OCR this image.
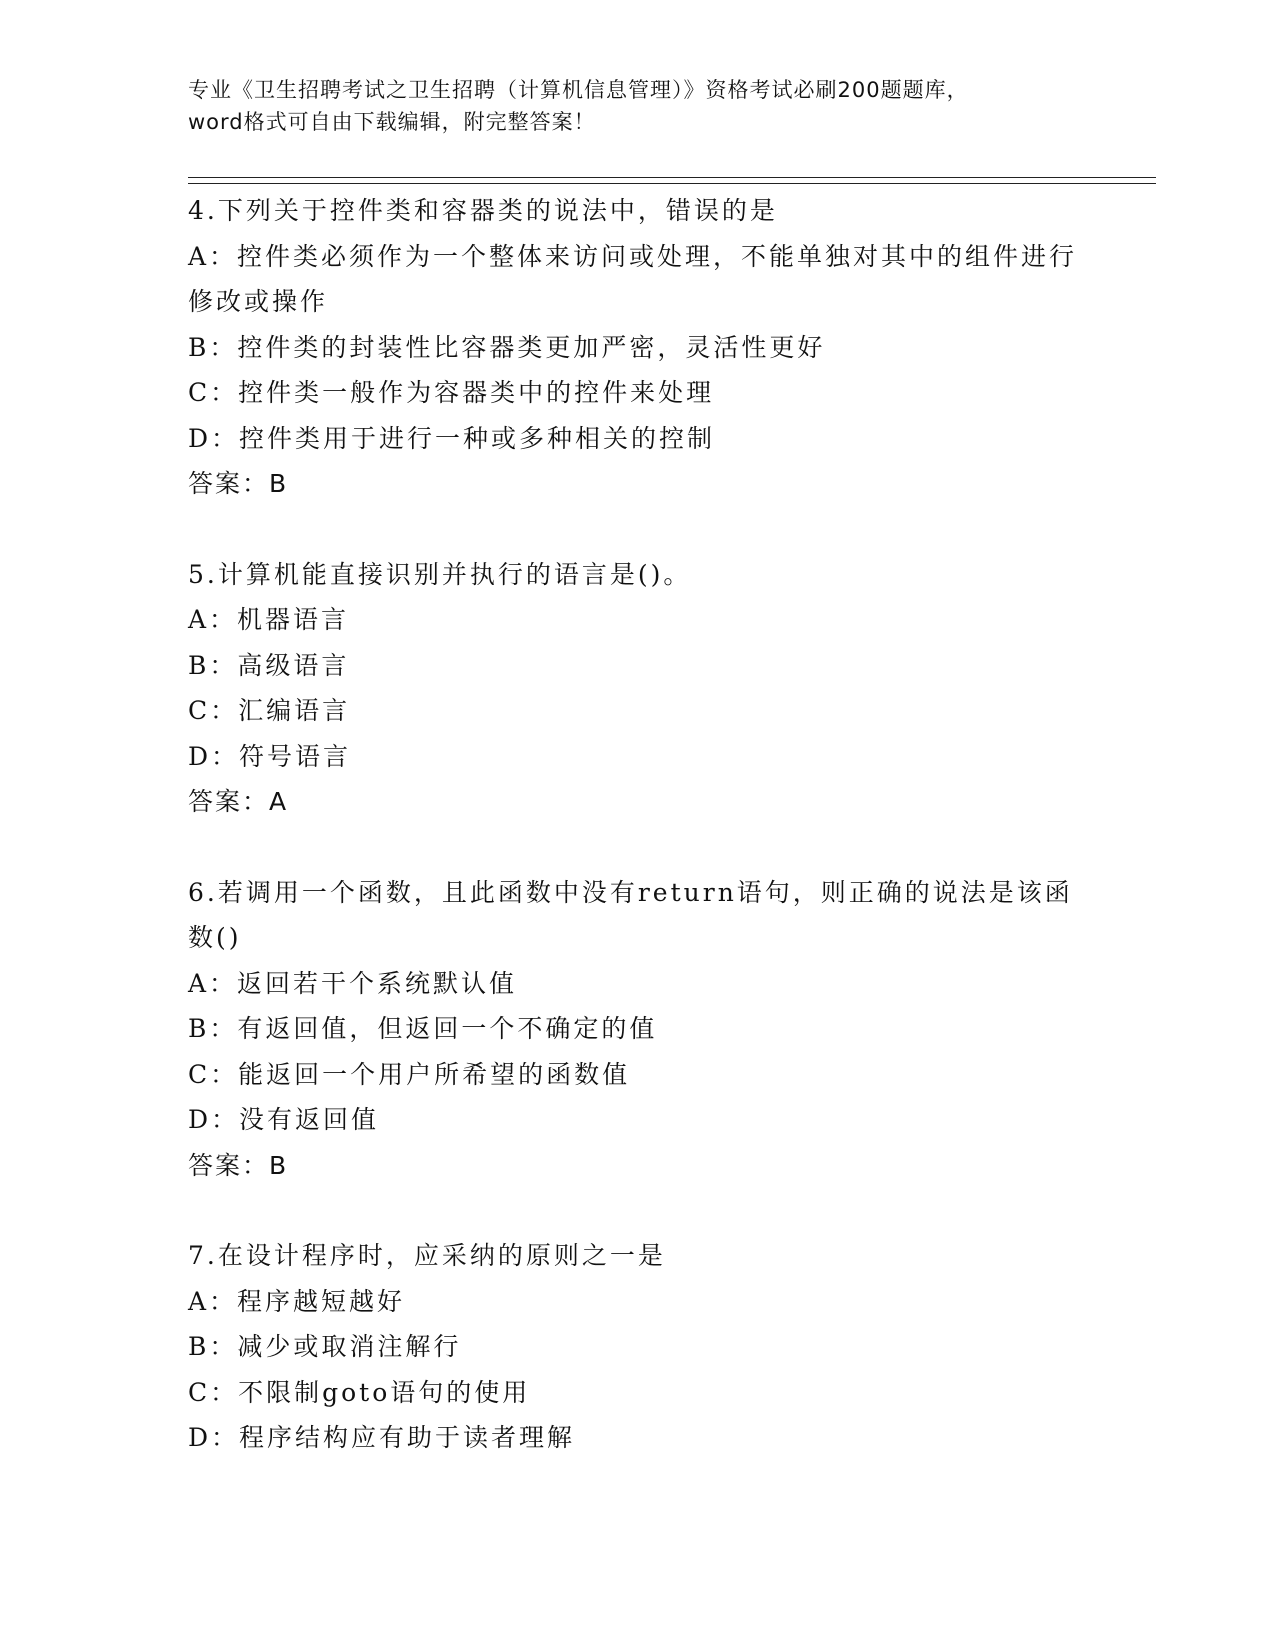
专业《卫生招聘考试之卫生招聘（计算机信息管理）》资格考试必刷200题题库，
word格式可自由下载编辑，附完整答案！

4.下列关于控件类和容器类的说法中，错误的是

A：控件类必须作为一个整体来访问或处理，不能单独对其中的组件进行修改或操作

B：控件类的封装性比容器类更加严密，灵活性更好

C：控件类一般作为容器类中的控件来处理

D：控件类用于进行一种或多种相关的控制

答案：B

5.计算机能直接识别并执行的语言是()。

A：机器语言

B：高级语言

C：汇编语言

D：符号语言

答案：A

6.若调用一个函数，且此函数中没有return语句，则正确的说法是该函数()

A：返回若干个系统默认值

B：有返回值，但返回一个不确定的值

C：能返回一个用户所希望的函数值

D：没有返回值

答案：B

7.在设计程序时，应采纳的原则之一是

A：程序越短越好

B：减少或取消注解行

C：不限制goto语句的使用

D：程序结构应有助于读者理解
